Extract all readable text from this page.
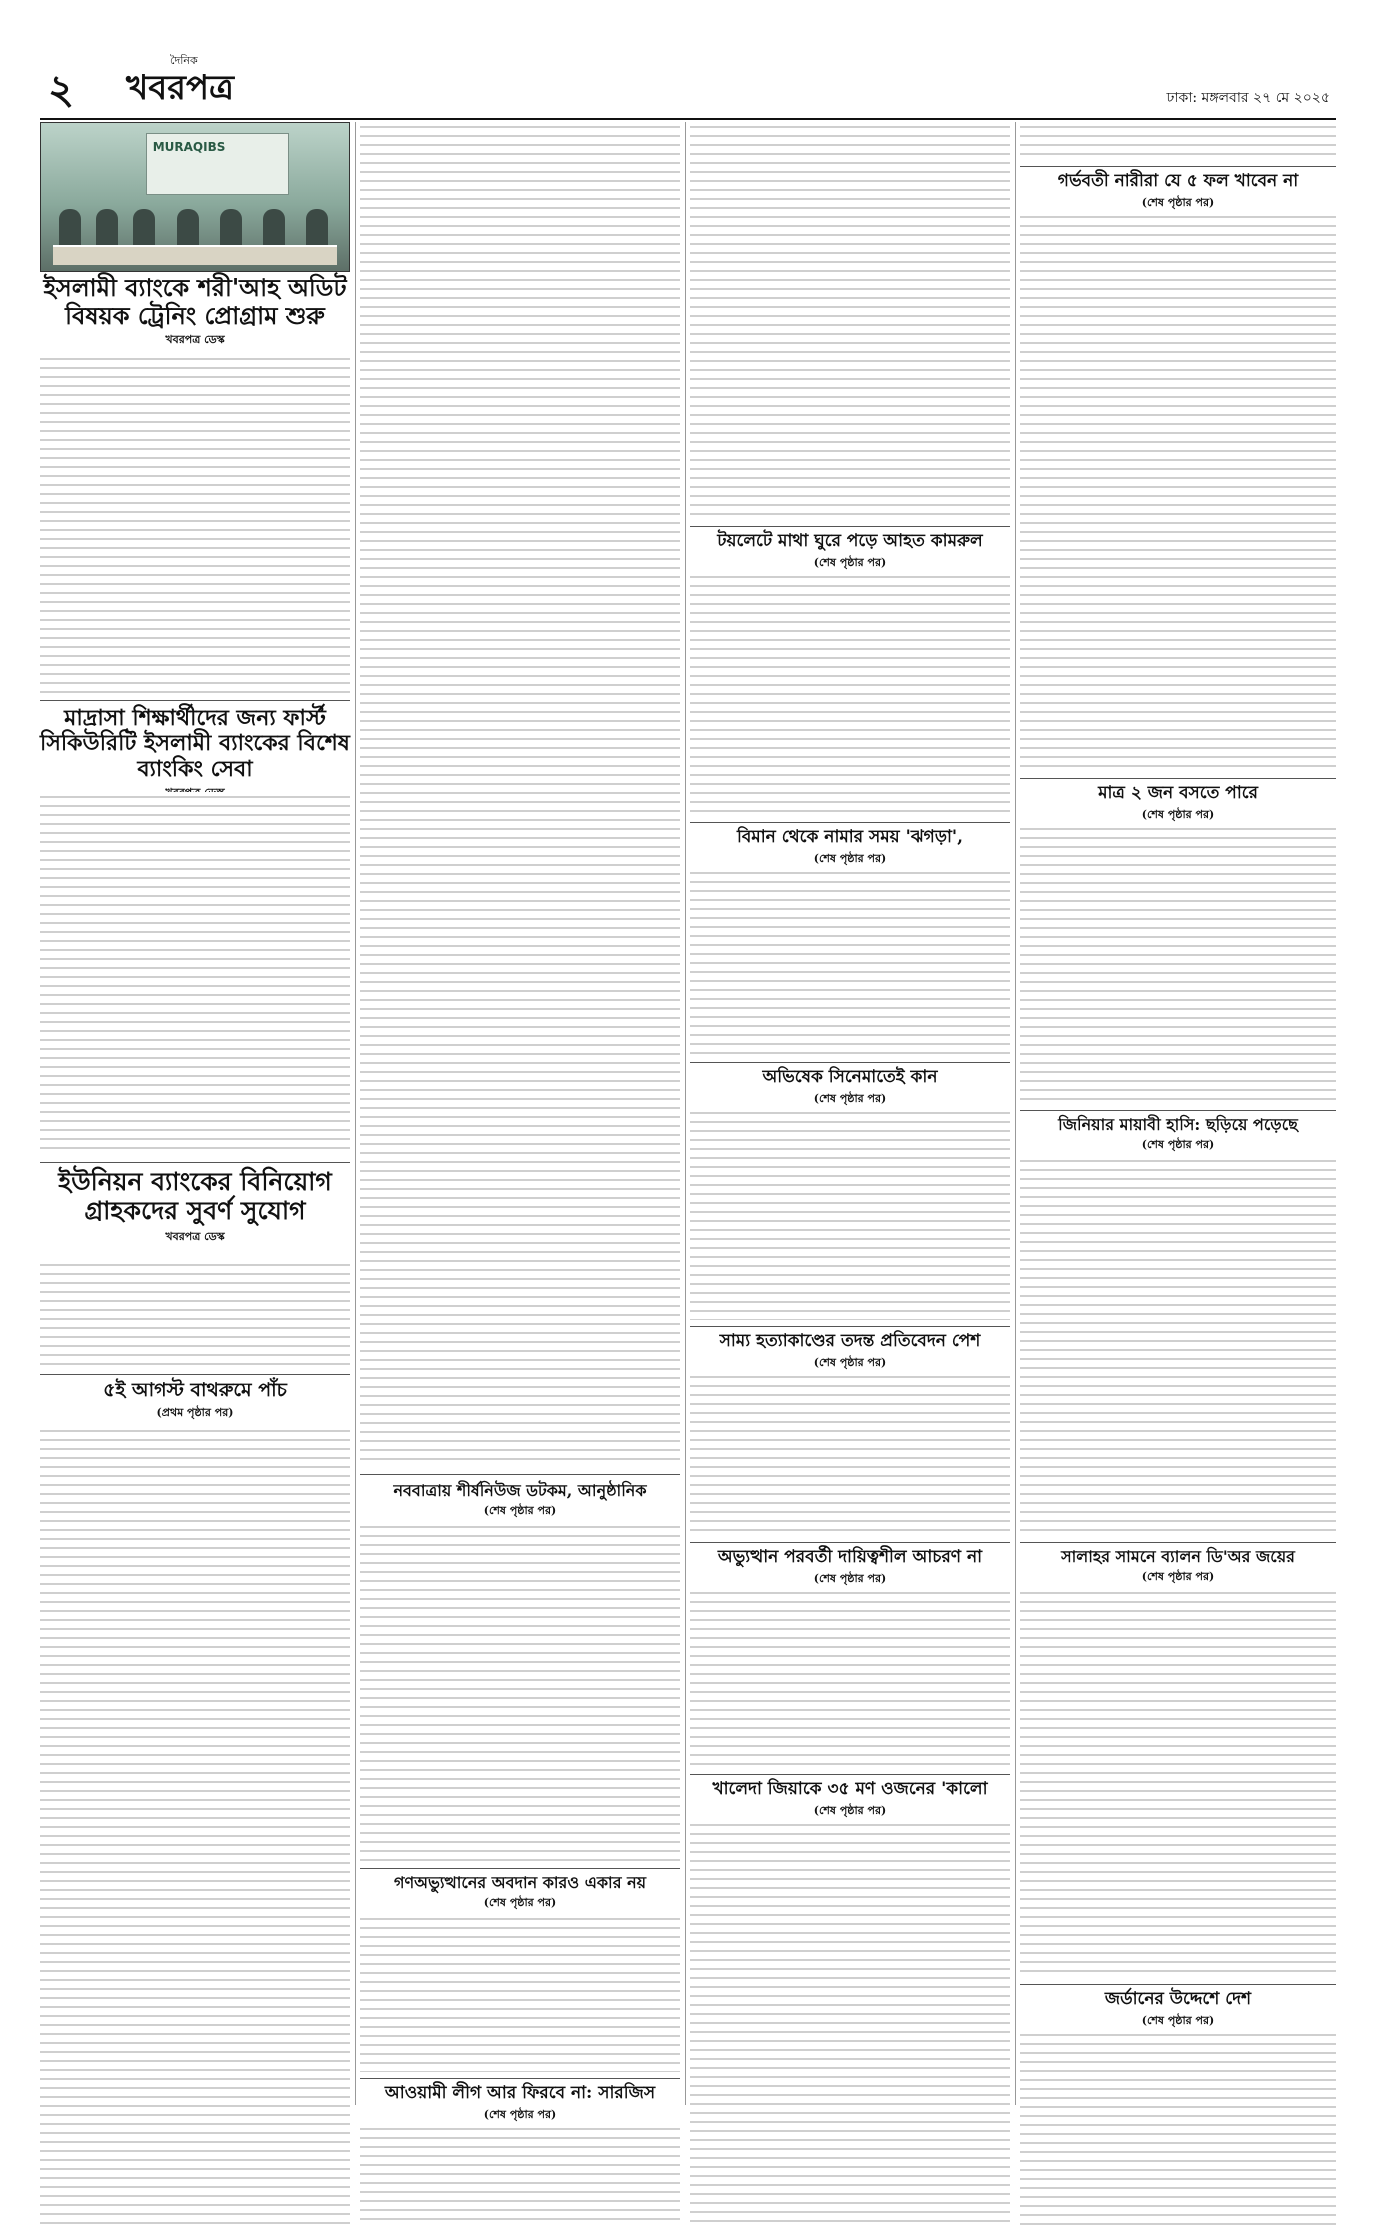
২
দৈনিক
খবরপত্র	ঢাকা: মঙ্গলবার ২৭ মে ২০২৫
MURAQIBS
ইসলামী ব্যাংকে শরী'আহ অডিট বিষয়ক ট্রেনিং প্রোগ্রাম শুরু
খবরপত্র ডেস্ক
মাদ্রাসা শিক্ষার্থীদের জন্য ফার্স্ট সিকিউরিটি ইসলামী ব্যাংকের বিশেষ ব্যাংকিং সেবা
ইউনিয়ন ব্যাংকের বিনিয়োগ গ্রাহকদের সুবর্ণ সুযোগ
খবরপত্র ডেস্ক
৫ই আগস্ট বাথরুমে পাঁচ
(প্রথম পৃষ্ঠার পর)
নববাত্রায় শীর্ষনিউজ ডটকম, আনুষ্ঠানিক
(শেষ পৃষ্ঠার পর)
গণঅভ্যুত্থানের অবদান কারও একার নয়
(শেষ পৃষ্ঠার পর)
আওয়ামী লীগ আর ফিরবে না: সারজিস
(শেষ পৃষ্ঠার পর)
টয়লেটে মাথা ঘুরে পড়ে আহত কামরুল
(শেষ পৃষ্ঠার পর)
বিমান থেকে নামার সময় 'ঝগড়া',
(শেষ পৃষ্ঠার পর)
অভিষেক সিনেমাতেই কান
(শেষ পৃষ্ঠার পর)
সাম্য হত্যাকাণ্ডের তদন্ত প্রতিবেদন পেশ
(শেষ পৃষ্ঠার পর)
অভ্যুত্থান পরবর্তী দায়িত্বশীল আচরণ না
(শেষ পৃষ্ঠার পর)
খালেদা জিয়াকে ৩৫ মণ ওজনের 'কালো
(শেষ পৃষ্ঠার পর)
গর্ভবতী নারীরা যে ৫ ফল খাবেন না
(শেষ পৃষ্ঠার পর)
মাত্র ২ জন বসতে পারে
(শেষ পৃষ্ঠার পর)
জিনিয়ার মায়াবী হাসি: ছড়িয়ে পড়েছে
(শেষ পৃষ্ঠার পর)
সালাহর সামনে ব্যালন ডি'অর জয়ের
(শেষ পৃষ্ঠার পর)
জর্ডানের উদ্দেশে দেশ
(শেষ পৃষ্ঠার পর)
